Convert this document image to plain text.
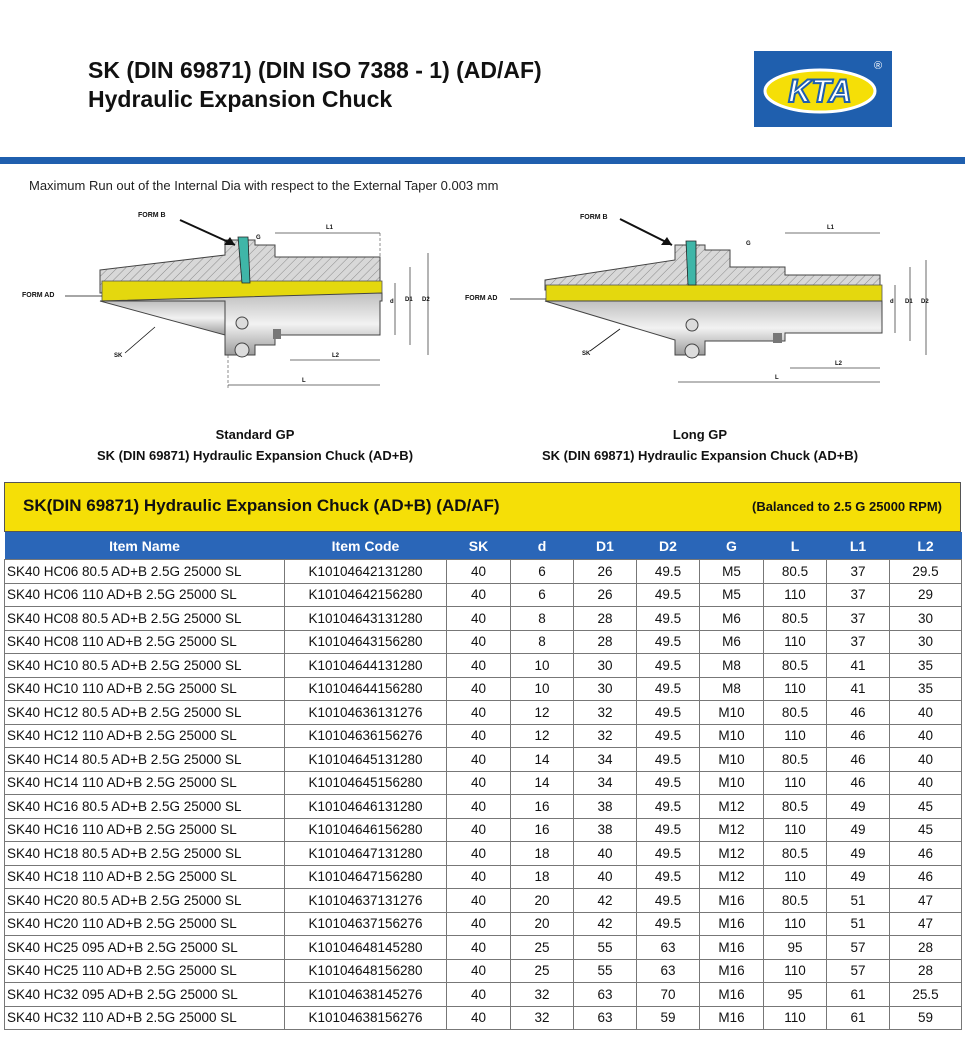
SK (DIN 69871) (DIN ISO 7388 - 1) (AD/AF)
Hydraulic Expansion Chuck	KTA
®
Maximum Run out of the Internal Dia with respect to the External Taper 0.003 mm
FORM B
FORM AD
SK
G
L1
L2
L
d D1 D2
FORM B
FORM AD
SK
G
L1
L2
L
d D1 D2
Standard GP
SK (DIN 69871) Hydraulic Expansion Chuck (AD+B)
Long GP
SK (DIN 69871) Hydraulic Expansion Chuck (AD+B)
SK(DIN 69871) Hydraulic Expansion Chuck (AD+B) (AD/AF)	(Balanced to 2.5 G 25000 RPM)
Item Name	Item Code	SK	d	D1	D2	G	L	L1	L2
SK40 HC06 80.5 AD+B 2.5G 25000 SL	K10104642131280	40	6	26	49.5	M5	80.5	37	29.5
SK40 HC06 110 AD+B 2.5G 25000 SL	K10104642156280	40	6	26	49.5	M5	110	37	29
SK40 HC08 80.5 AD+B 2.5G 25000 SL	K10104643131280	40	8	28	49.5	M6	80.5	37	30
SK40 HC08 110 AD+B 2.5G 25000 SL	K10104643156280	40	8	28	49.5	M6	110	37	30
SK40 HC10 80.5 AD+B 2.5G 25000 SL	K10104644131280	40	10	30	49.5	M8	80.5	41	35
SK40 HC10 110 AD+B 2.5G 25000 SL	K10104644156280	40	10	30	49.5	M8	110	41	35
SK40 HC12 80.5 AD+B 2.5G 25000 SL	K10104636131276	40	12	32	49.5	M10	80.5	46	40
SK40 HC12 110 AD+B 2.5G 25000 SL	K10104636156276	40	12	32	49.5	M10	110	46	40
SK40 HC14 80.5 AD+B 2.5G 25000 SL	K10104645131280	40	14	34	49.5	M10	80.5	46	40
SK40 HC14 110 AD+B 2.5G 25000 SL	K10104645156280	40	14	34	49.5	M10	110	46	40
SK40 HC16 80.5 AD+B 2.5G 25000 SL	K10104646131280	40	16	38	49.5	M12	80.5	49	45
SK40 HC16 110 AD+B 2.5G 25000 SL	K10104646156280	40	16	38	49.5	M12	110	49	45
SK40 HC18 80.5 AD+B 2.5G 25000 SL	K10104647131280	40	18	40	49.5	M12	80.5	49	46
SK40 HC18 110 AD+B 2.5G 25000 SL	K10104647156280	40	18	40	49.5	M12	110	49	46
SK40 HC20 80.5 AD+B 2.5G 25000 SL	K10104637131276	40	20	42	49.5	M16	80.5	51	47
SK40 HC20 110 AD+B 2.5G 25000 SL	K10104637156276	40	20	42	49.5	M16	110	51	47
SK40 HC25 095 AD+B 2.5G 25000 SL	K10104648145280	40	25	55	63	M16	95	57	28
SK40 HC25 110 AD+B 2.5G 25000 SL	K10104648156280	40	25	55	63	M16	110	57	28
SK40 HC32 095 AD+B 2.5G 25000 SL	K10104638145276	40	32	63	70	M16	95	61	25.5
SK40 HC32 110 AD+B 2.5G 25000 SL	K10104638156276	40	32	63	59	M16	110	61	59
